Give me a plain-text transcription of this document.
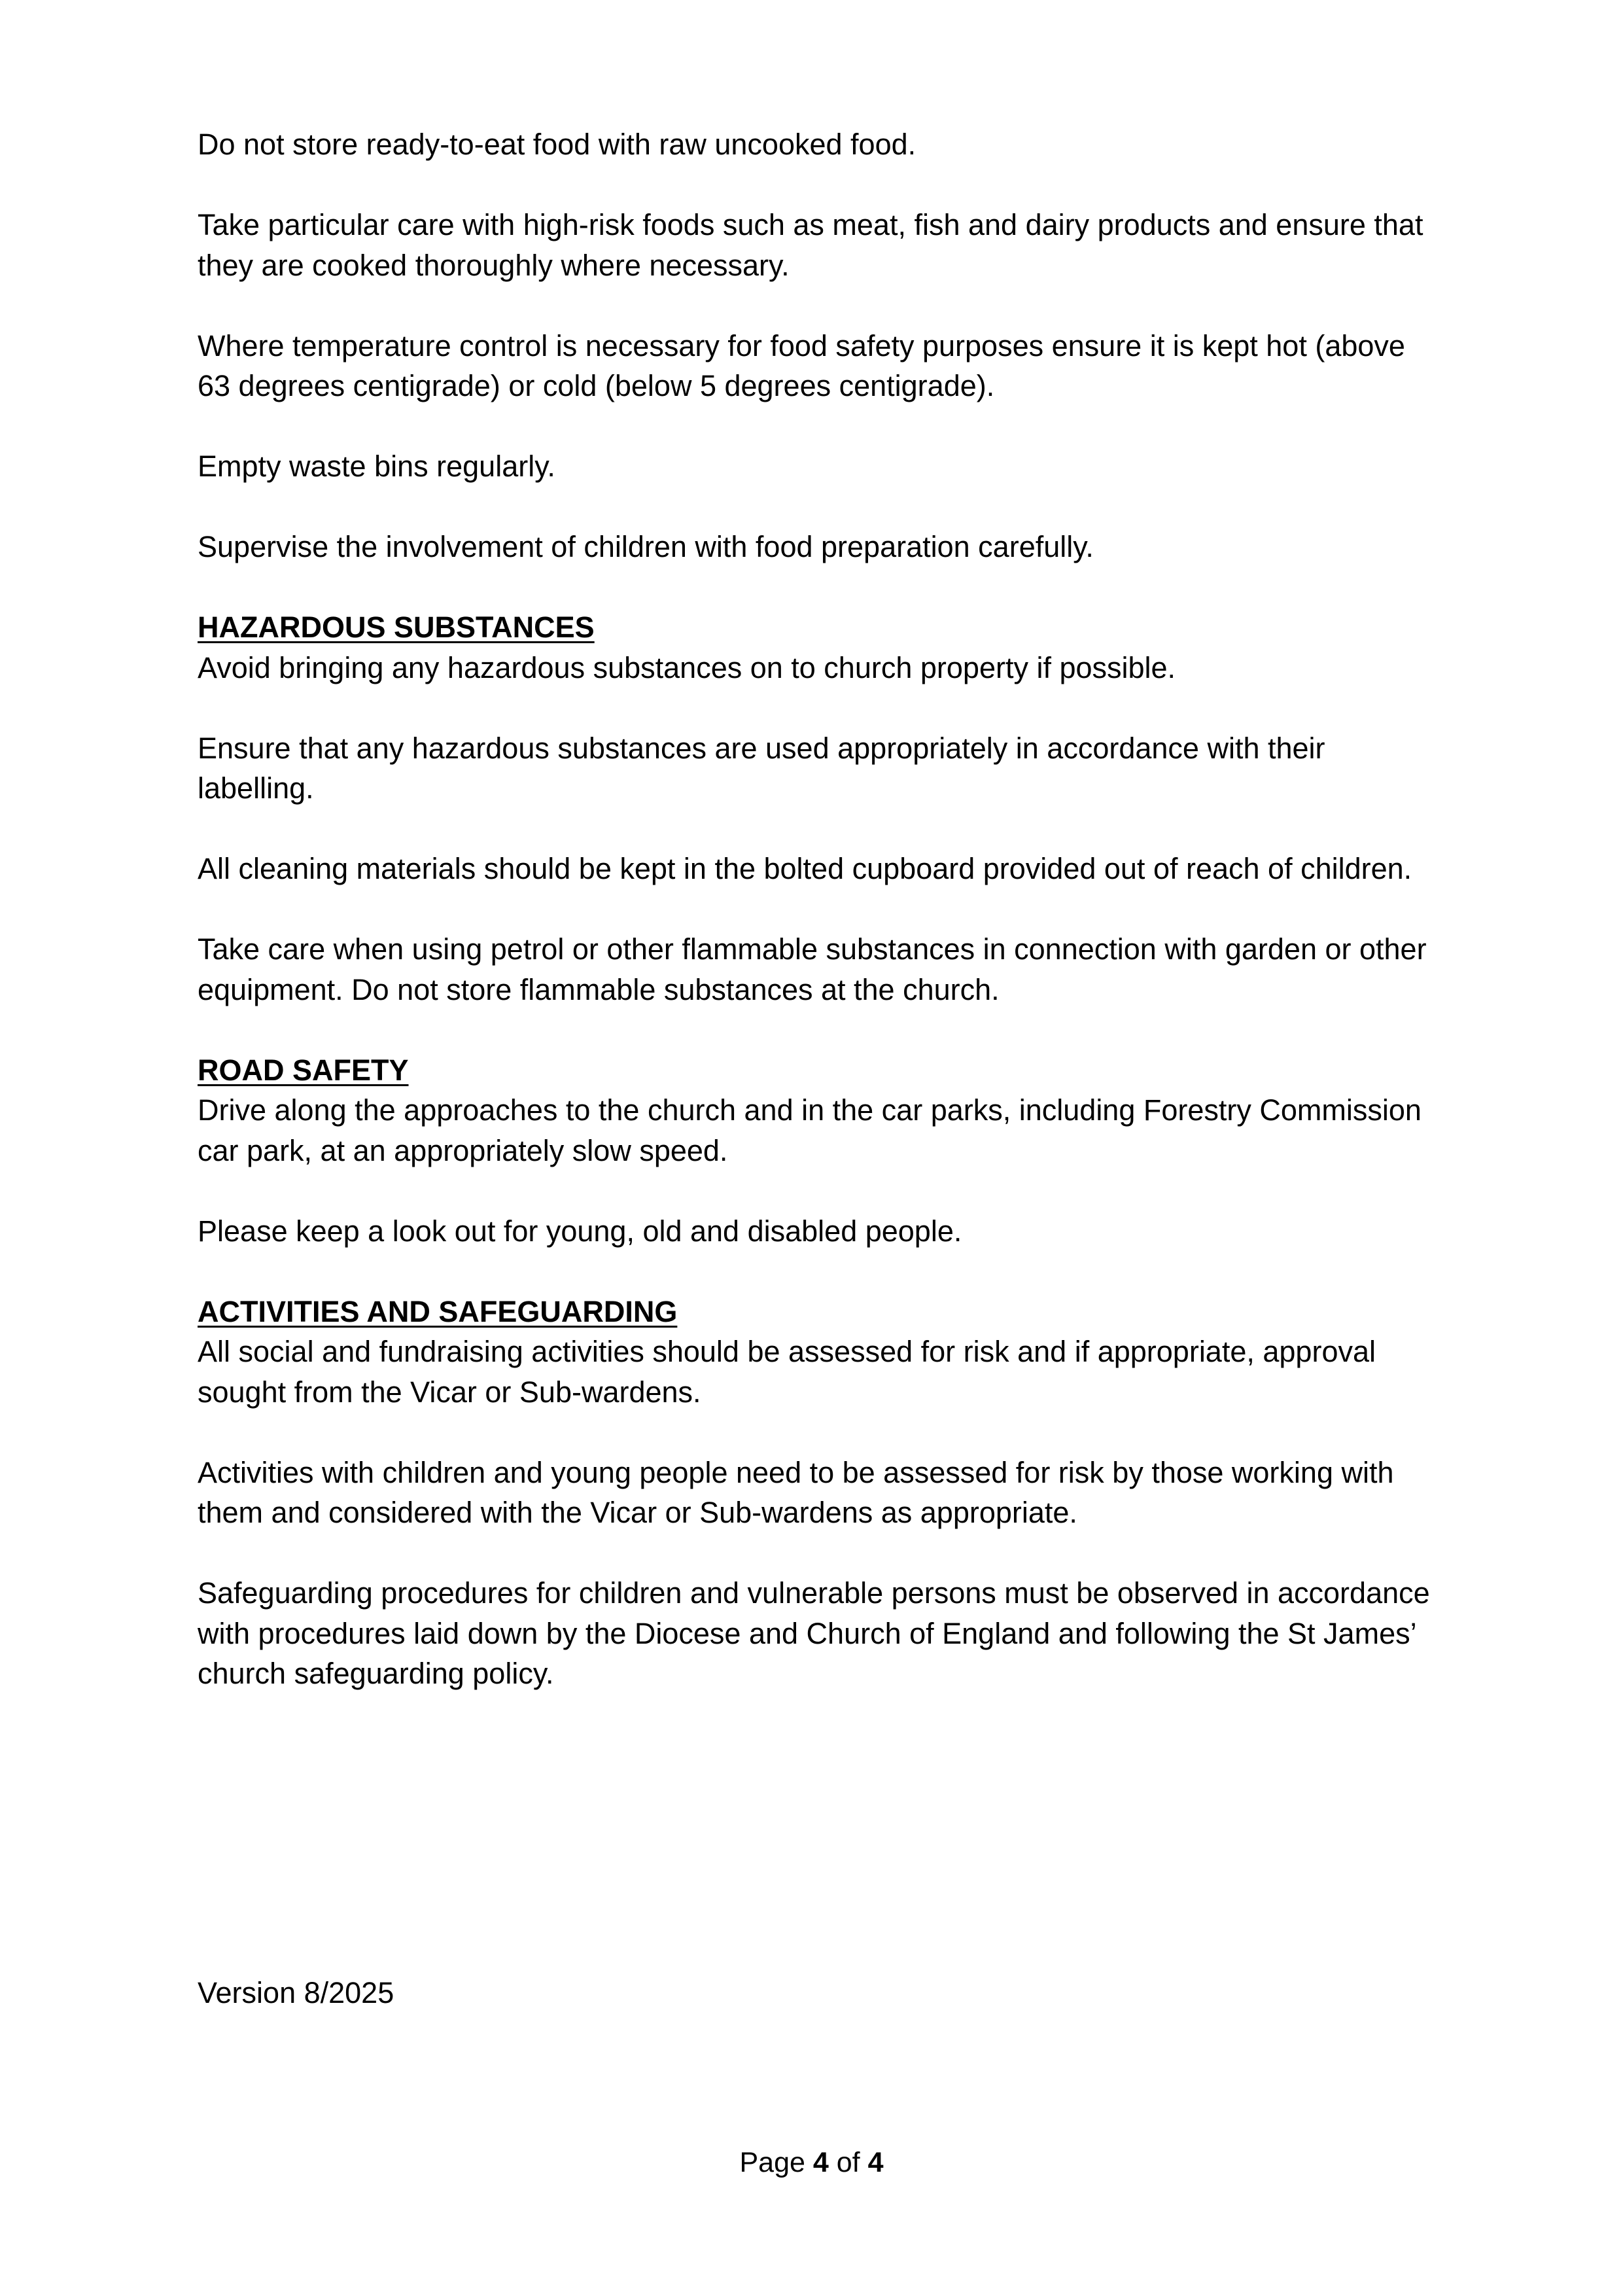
Do not store ready-to-eat food with raw uncooked food.

Take particular care with high-risk foods such as meat, fish and dairy products and ensure that they are cooked thoroughly where necessary.

Where temperature control is necessary for food safety purposes ensure it is kept hot (above 63 degrees centigrade) or cold (below 5 degrees centigrade).

Empty waste bins regularly.

Supervise the involvement of children with food preparation carefully.

HAZARDOUS SUBSTANCES

Avoid bringing any hazardous substances on to church property if possible.

Ensure that any hazardous substances are used appropriately in accordance with their labelling.

All cleaning materials should be kept in the bolted cupboard provided out of reach of children.

Take care when using petrol or other flammable substances in connection with garden or other equipment. Do not store flammable substances at the church.

ROAD SAFETY

Drive along the approaches to the church and in the car parks, including Forestry Commission car park, at an appropriately slow speed.

Please keep a look out for young, old and disabled people.

ACTIVITIES AND SAFEGUARDING

All social and fundraising activities should be assessed for risk and if appropriate, approval sought from the Vicar or Sub-wardens.

Activities with children and young people need to be assessed for risk by those working with them and considered with the Vicar or Sub-wardens as appropriate.

Safeguarding procedures for children and vulnerable persons must be observed in accordance with procedures laid down by the Diocese and Church of England and following the St James’ church safeguarding policy.

Version 8/2025
Page 4 of 4
